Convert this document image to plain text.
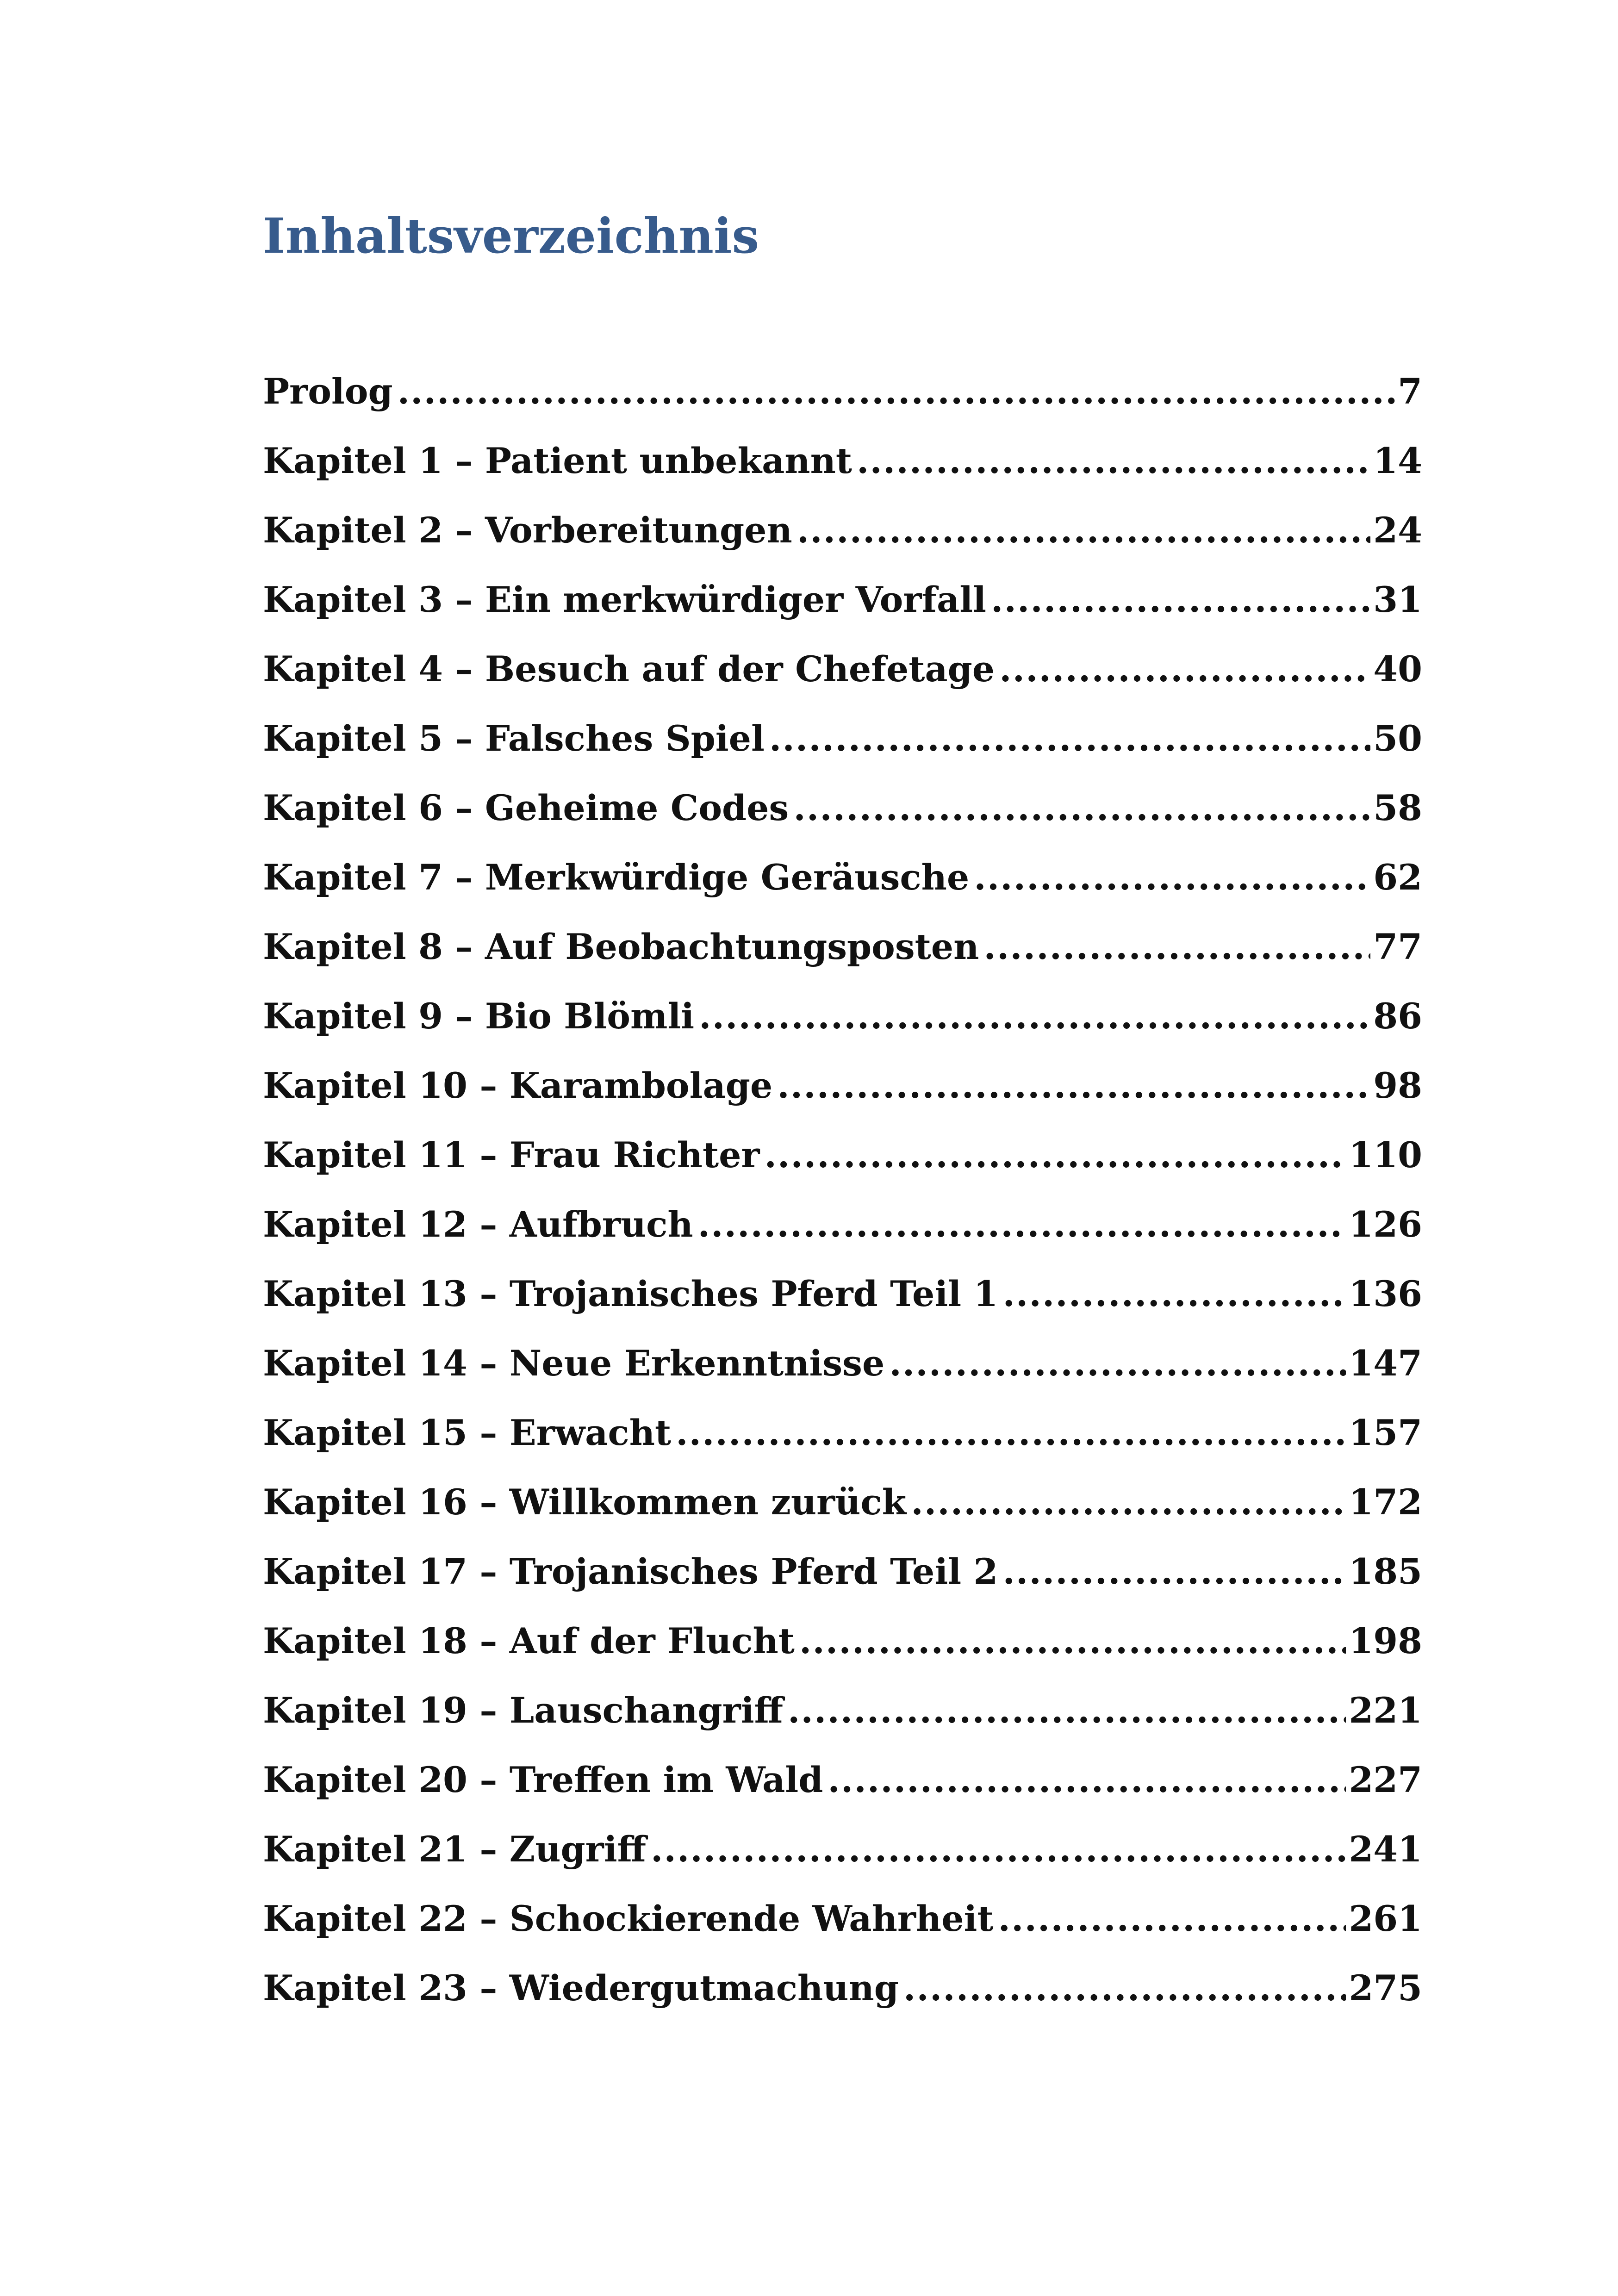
Inhaltsverzeichnis
Prolog .....	7
Kapitel 1 – Patient unbekannt .....	14
Kapitel 2 – Vorbereitungen .....	24
Kapitel 3 – Ein merkwürdiger Vorfall .....	31
Kapitel 4 – Besuch auf der Chefetage .....	40
Kapitel 5 – Falsches Spiel .....	50
Kapitel 6 – Geheime Codes .....	58
Kapitel 7 – Merkwürdige Geräusche .....	62
Kapitel 8 – Auf Beobachtungsposten .....	77
Kapitel 9 – Bio Blömli .....	86
Kapitel 10 – Karambolage .....	98
Kapitel 11 – Frau Richter .....	110
Kapitel 12 – Aufbruch .....	126
Kapitel 13 – Trojanisches Pferd Teil 1 .....	136
Kapitel 14 – Neue Erkenntnisse .....	147
Kapitel 15 – Erwacht .....	157
Kapitel 16 – Willkommen zurück .....	172
Kapitel 17 – Trojanisches Pferd Teil 2 .....	185
Kapitel 18 – Auf der Flucht .....	198
Kapitel 19 – Lauschangriff .....	221
Kapitel 20 – Treffen im Wald .....	227
Kapitel 21 – Zugriff .....	241
Kapitel 22 – Schockierende Wahrheit .....	261
Kapitel 23 – Wiedergutmachung .....	275
